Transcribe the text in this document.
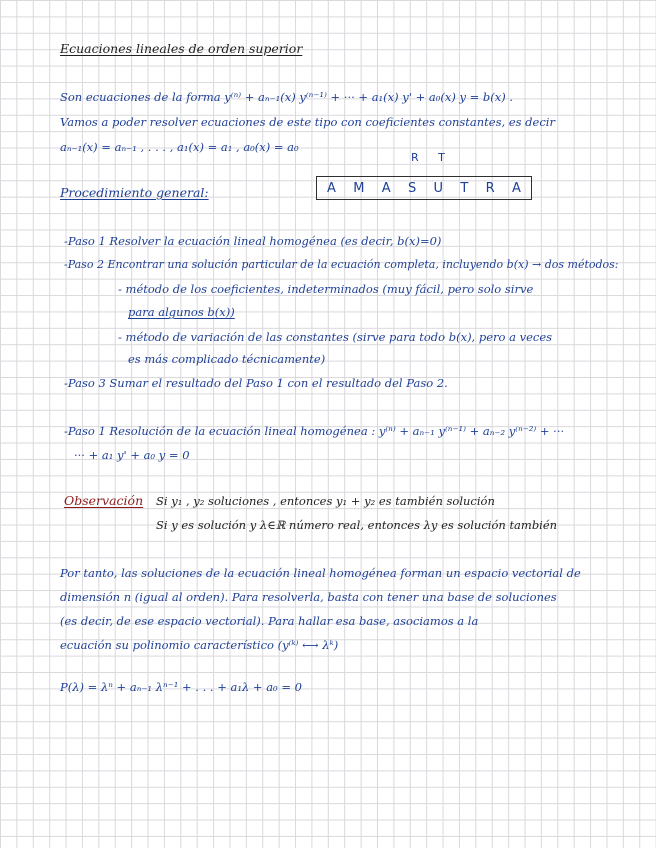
Ecuaciones lineales de orden superior
Son ecuaciones de la forma y⁽ⁿ⁾ + aₙ₋₁(x) y⁽ⁿ⁻¹⁾ + ··· + a₁(x) y' + a₀(x) y = b(x) .
Vamos a poder resolver ecuaciones de este tipo con coeficientes constantes, es decir
aₙ₋₁(x) = aₙ₋₁ , . . . , a₁(x) = a₁ , a₀(x) = a₀
R T
A M A S U T R A
Procedimiento general:
-Paso 1 Resolver la ecuación lineal homogénea (es decir, b(x)=0)
-Paso 2 Encontrar una solución particular de la ecuación completa, incluyendo b(x) → dos métodos:
- método de los coeficientes, indeterminados (muy fácil, pero solo sirve
para algunos b(x))
- método de variación de las constantes (sirve para todo b(x), pero a veces
es más complicado técnicamente)
-Paso 3 Sumar el resultado del Paso 1 con el resultado del Paso 2.
-Paso 1 Resolución de la ecuación lineal homogénea : y⁽ⁿ⁾ + aₙ₋₁ y⁽ⁿ⁻¹⁾ + aₙ₋₂ y⁽ⁿ⁻²⁾ + ···
··· + a₁ y' + a₀ y = 0
Observación Si y₁ , y₂ soluciones , entonces y₁ + y₂ es también solución
Si y es solución y λ∈ℝ número real, entonces λy es solución también
Por tanto, las soluciones de la ecuación lineal homogénea forman un espacio vectorial de
dimensión n (igual al orden). Para resolverla, basta con tener una base de soluciones
(es decir, de ese espacio vectorial). Para hallar esa base, asociamos a la
ecuación su polinomio característico (y⁽ᵏ⁾ ⟷ λᵏ)
P(λ) = λⁿ + aₙ₋₁ λⁿ⁻¹ + . . . + a₁λ + a₀ = 0
